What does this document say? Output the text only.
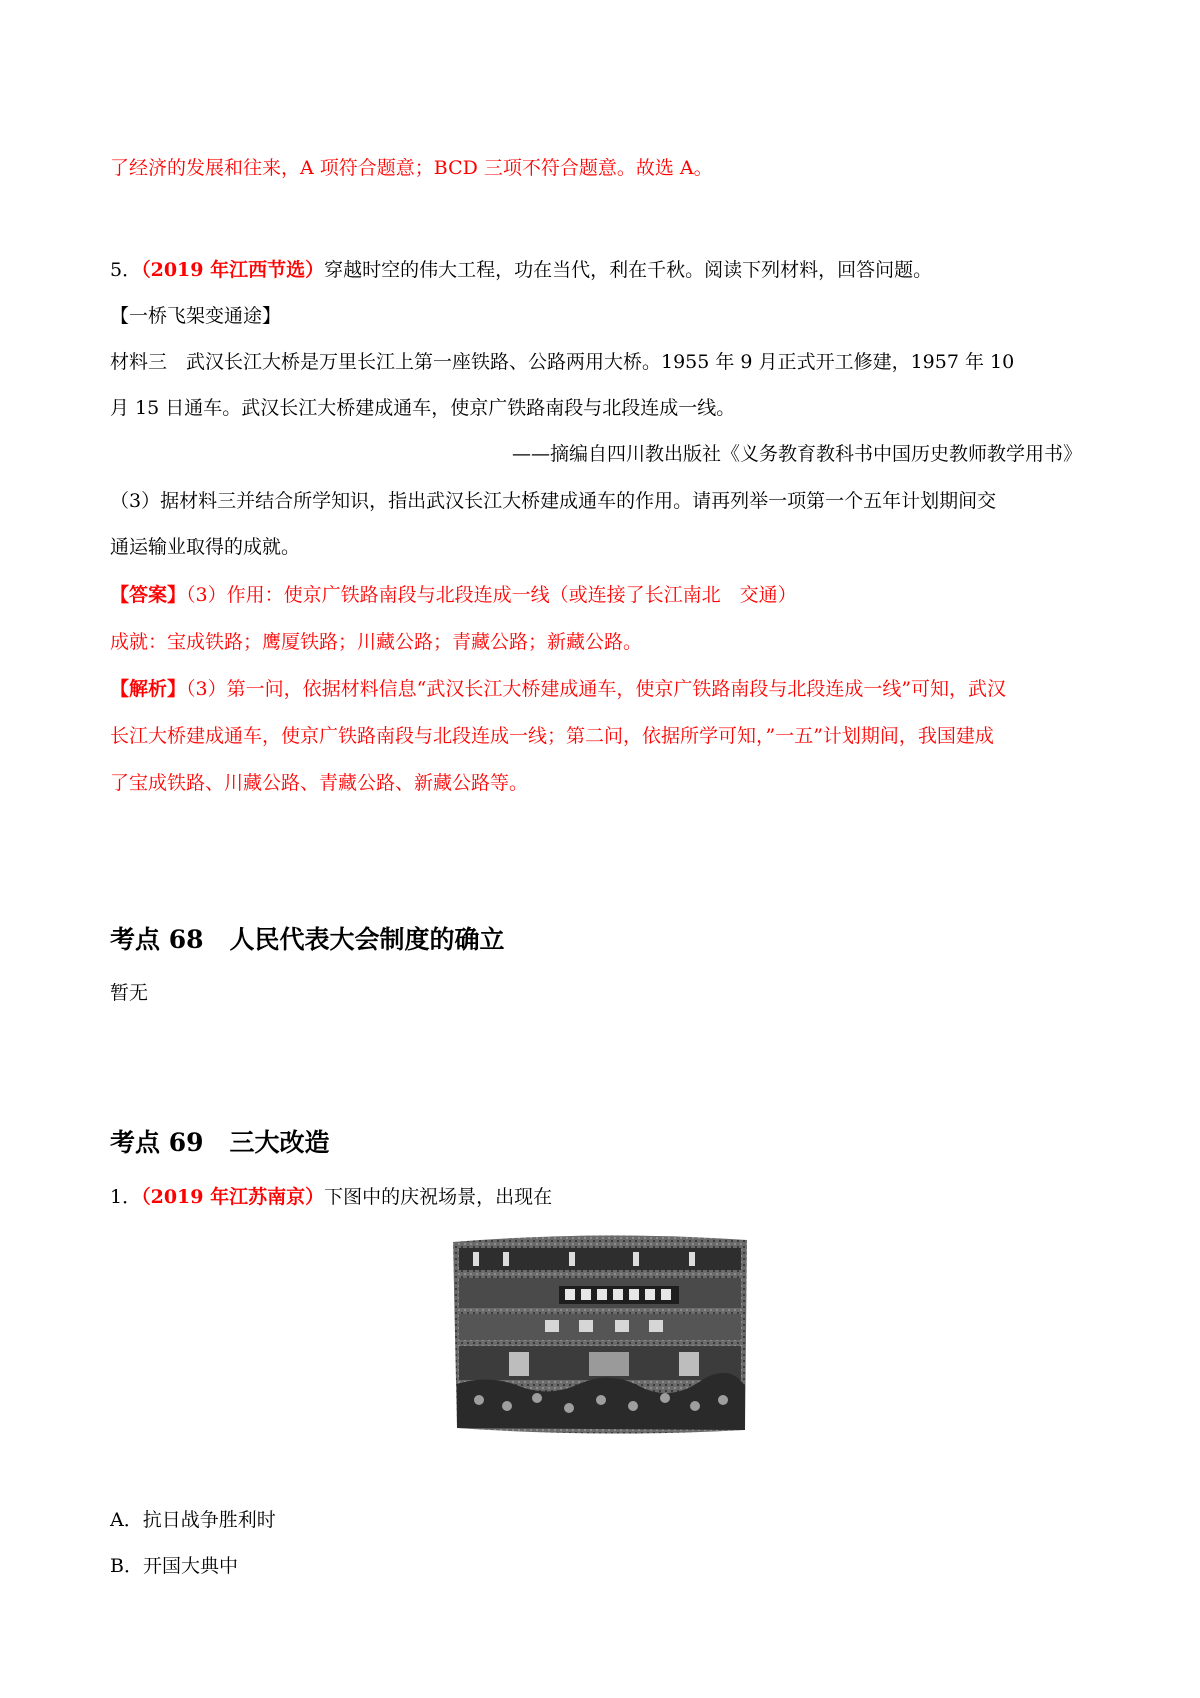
了经济的发展和往来，A 项符合题意；BCD 三项不符合题意。故选 A。
5．（2019 年江西节选）穿越时空的伟大工程，功在当代，利在千秋。阅读下列材料，回答问题。
【一桥飞架变通途】
材料三　武汉长江大桥是万里长江上第一座铁路、公路两用大桥。1955 年 9 月正式开工修建，1957 年 10
月 15 日通车。武汉长江大桥建成通车，使京广铁路南段与北段连成一线。
——摘编自四川教出版社《义务教育教科书中国历史教师教学用书》
（3）据材料三并结合所学知识，指出武汉长江大桥建成通车的作用。请再列举一项第一个五年计划期间交
通运输业取得的成就。
【答案】（3）作用：使京广铁路南段与北段连成一线（或连接了长江南北　交通）
成就：宝成铁路；鹰厦铁路；川藏公路；青藏公路；新藏公路。
【解析】（3）第一问，依据材料信息“武汉长江大桥建成通车，使京广铁路南段与北段连成一线”可知，武汉
长江大桥建成通车，使京广铁路南段与北段连成一线；第二问，依据所学可知，”一五”计划期间，我国建成
了宝成铁路、川藏公路、青藏公路、新藏公路等。
考点 68 人民代表大会制度的确立
暂无
考点 69 三大改造
1．（2019 年江苏南京）下图中的庆祝场景，出现在
A．抗日战争胜利时
B．开国大典中
